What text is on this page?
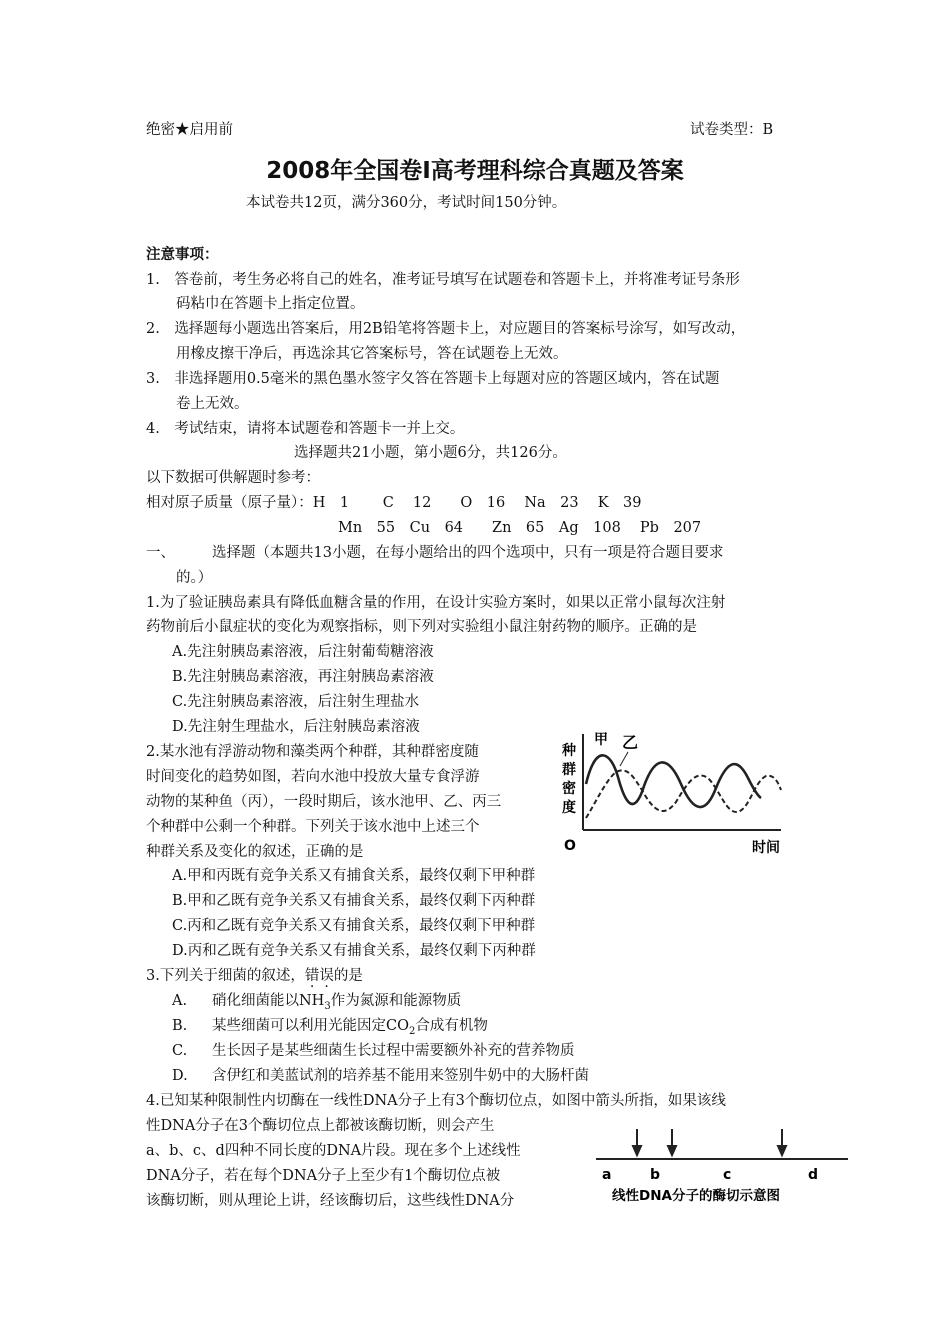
绝密★启用前	试卷类型：B
2008年全国卷Ⅰ高考理科综合真题及答案
本试卷共12页，满分360分，考试时间150分钟。
注意事项：
1.　答卷前，考生务必将自己的姓名，准考证号填写在试题卷和答题卡上，并将准考证号条形
码粘巾在答题卡上指定位置。
2.　选择题每小题选出答案后，用2B铅笔将答题卡上，对应题目的答案标号涂写，如写改动，
用橡皮擦干净后，再选涂其它答案标号，答在试题卷上无效。
3.　非选择题用0.5毫米的黑色墨水签字夂答在答题卡上每题对应的答题区域内，答在试题
卷上无效。
4.　考试结束，请将本试题卷和答题卡一并上交。
选择题共21小题，第小题6分，共126分。
以下数据可供解题时参考：
相对原子质量（原子量）：H　1　　 C　 12　　O　16　 Na　23　 K　39
Mn　55　Cu　64　　Zn　65　Ag　108　 Pb　207
一、	选择题（本题共13小题，在每小题给出的四个选项中，只有一项是符合题目要求
的。）
1.为了验证胰岛素具有降低血糖含量的作用，在设计实验方案时，如果以正常小鼠每次注射
药物前后小鼠症状的变化为观察指标，则下列对实验组小鼠注射药物的顺序。正确的是
A.先注射胰岛素溶液，后注射葡萄糖溶液
B.先注射胰岛素溶液，再注射胰岛素溶液
C.先注射胰岛素溶液，后注射生理盐水
D.先注射生理盐水，后注射胰岛素溶液
2.某水池有浮游动物和藻类两个种群，其种群密度随
时间变化的趋势如图，若向水池中投放大量专食浮游
动物的某种鱼（丙），一段时期后，该水池甲、乙、丙三
个种群中公剩一个种群。下列关于该水池中上述三个
种群关系及变化的叙述，正确的是
A.甲和丙既有竞争关系又有捕食关系，最终仅剩下甲种群
B.甲和乙既有竞争关系又有捕食关系，最终仅剩下丙种群
C.丙和乙既有竞争关系又有捕食关系，最终仅剩下甲种群
D.丙和乙既有竞争关系又有捕食关系，最终仅剩下丙种群
种
群
密
度
O	时间
甲 乙
3.下列关于细菌的叙述，错误的是
A. 硝化细菌能以$NH_3$作为氮源和能源物质
B. 某些细菌可以利用光能因定$CO_2$合成有机物
C. 生长因子是某些细菌生长过程中需要额外补充的营养物质
D. 含伊红和美蓝试剂的培养基不能用来签别牛奶中的大肠杆菌
4.已知某种限制性内切酶在一线性DNA分子上有3个酶切位点，如图中箭头所指，如果该线
性DNA分子在3个酶切位点上都被该酶切断，则会产生
a、b、c、d四种不同长度的DNA片段。现在多个上述线性
DNA分子，若在每个DNA分子上至少有1个酶切位点被
该酶切断，则从理论上讲，经该酶切后，这些线性DNA分
a	b	c	d
线性DNA分子的酶切示意图
